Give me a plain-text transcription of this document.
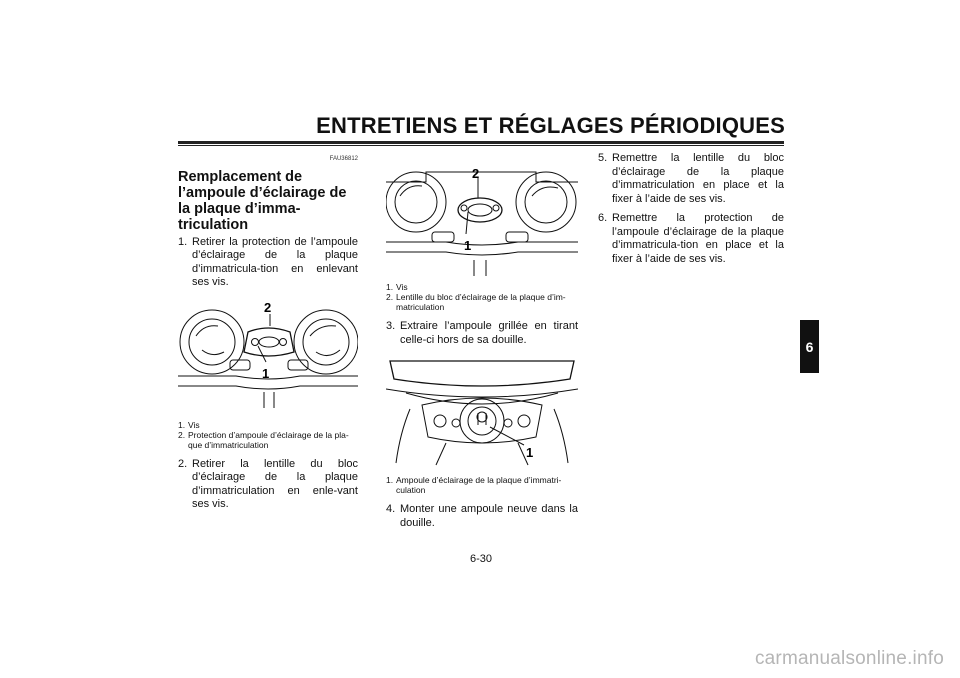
ENTRETIENS ET RÉGLAGES PÉRIODIQUES
6
FAU36812
Remplacement de l’ampoule d’éclairage de la plaque d’imma-triculation
1. Retirer la protection de l’ampoule d’éclairage de la plaque d’immatricula-tion en enlevant ses vis.
2
1
1. Vis
2. Protection d’ampoule d’éclairage de la pla-que d’immatriculation
2. Retirer la lentille du bloc d’éclairage de la plaque d’immatriculation en enle-vant ses vis.
2
1
1. Vis
2. Lentille du bloc d’éclairage de la plaque d’im-matriculation
3. Extraire l’ampoule grillée en tirant celle-ci hors de sa douille.
1
1. Ampoule d’éclairage de la plaque d’immatri-culation
4. Monter une ampoule neuve dans la douille.
5. Remettre la lentille du bloc d’éclairage de la plaque d’immatriculation en place et la fixer à l’aide de ses vis.
6. Remettre la protection de l’ampoule d’éclairage de la plaque d’immatricula-tion en place et la fixer à l’aide de ses vis.
6-30
carmanualsonline.info
